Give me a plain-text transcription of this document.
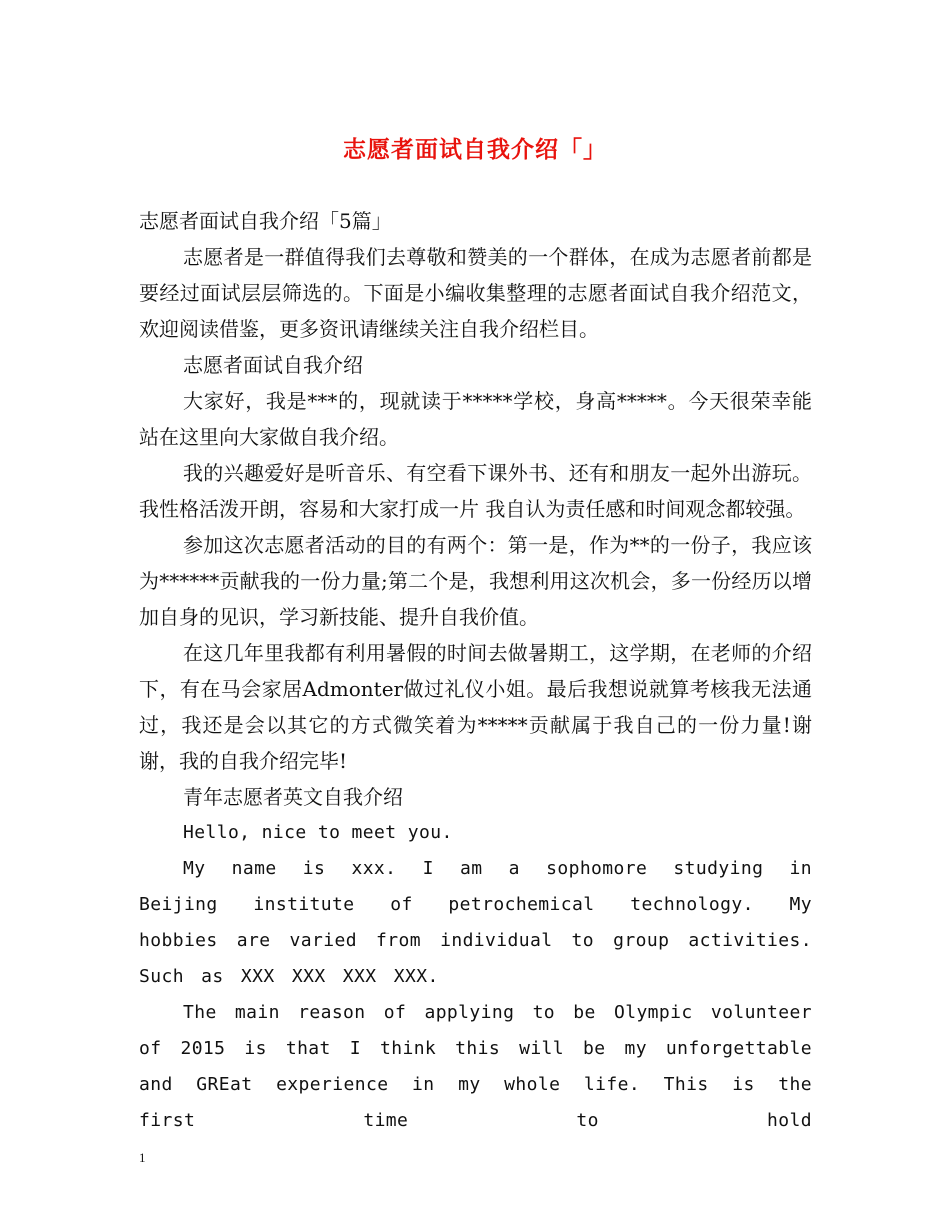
志愿者面试自我介绍「」

志愿者面试自我介绍「5篇」

志愿者是一群值得我们去尊敬和赞美的一个群体，在成为志愿者前都是要经过面试层层筛选的。下面是小编收集整理的志愿者面试自我介绍范文，欢迎阅读借鉴，更多资讯请继续关注自我介绍栏目。

志愿者面试自我介绍

大家好，我是***的，现就读于*****学校，身高*****。今天很荣幸能站在这里向大家做自我介绍。

我的兴趣爱好是听音乐、有空看下课外书、还有和朋友一起外出游玩。我性格活泼开朗，容易和大家打成一片 我自认为责任感和时间观念都较强。

参加这次志愿者活动的目的有两个：第一是，作为**的一份子，我应该为******贡献我的一份力量;第二个是，我想利用这次机会，多一份经历以增加自身的见识，学习新技能、提升自我价值。

在这几年里我都有利用暑假的时间去做暑期工，这学期，在老师的介绍下，有在马会家居Admonter做过礼仪小姐。最后我想说就算考核我无法通过，我还是会以其它的方式微笑着为*****贡献属于我自己的一份力量!谢谢，我的自我介绍完毕!

青年志愿者英文自我介绍

Hello, nice to meet you.

My name is xxx. I am a sophomore studying in Beijing institute of petrochemical technology. My hobbies are varied from individual to group activities. Such as XXX XXX XXX XXX.

The main reason of applying to be Olympic volunteer of 2015 is that I think this will be my unforgettable and GREat experience in my whole life. This is the first time to hold

1
